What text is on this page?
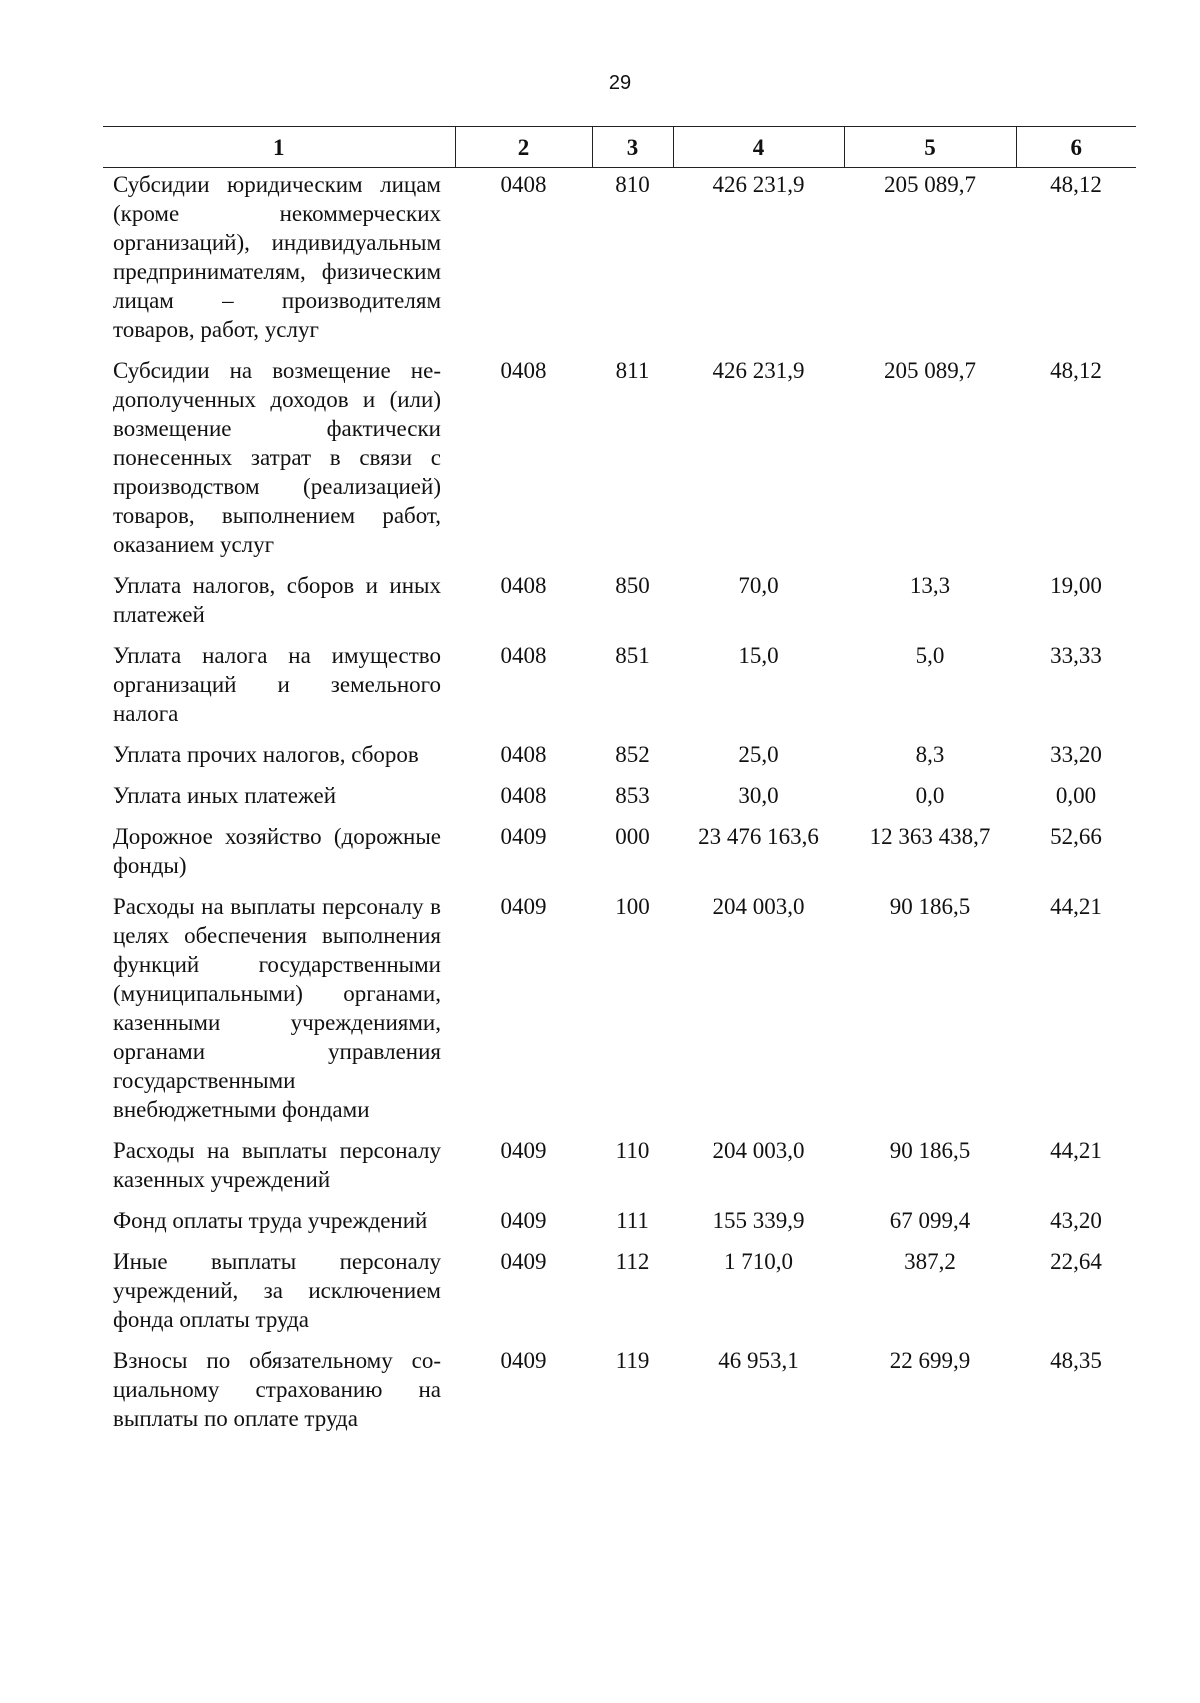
29
1	2	3	4	5	6
Субсидии юридическим лицам (кроме некоммерческих организаций), индивидуальным предпринимателям, физическим лицам – производителям товаров, работ, услуг	0408	810	426 231,9	205 089,7	48,12
Субсидии на возмещение недополученных доходов и (или) возмещение фактически понесенных затрат в связи с производством (реализацией) товаров, выполнением работ, оказанием услуг	0408	811	426 231,9	205 089,7	48,12
Уплата налогов, сборов и иных платежей	0408	850	70,0	13,3	19,00
Уплата налога на имущество организаций и земельного налога	0408	851	15,0	5,0	33,33
Уплата прочих налогов, сборов	0408	852	25,0	8,3	33,20
Уплата иных платежей	0408	853	30,0	0,0	0,00
Дорожное хозяйство (дорожные фонды)	0409	000	23 476 163,6	12 363 438,7	52,66
Расходы на выплаты персоналу в целях обеспечения выполнения функций государственными (муниципальными) органами, казенными учреждениями, органами управления государственными внебюджетными фондами	0409	100	204 003,0	90 186,5	44,21
Расходы на выплаты персоналу казенных учреждений	0409	110	204 003,0	90 186,5	44,21
Фонд оплаты труда учреждений	0409	111	155 339,9	67 099,4	43,20
Иные выплаты персоналу учреждений, за исключением фонда оплаты труда	0409	112	1 710,0	387,2	22,64
Взносы по обязательному социальному страхованию на выплаты по оплате труда	0409	119	46 953,1	22 699,9	48,35
